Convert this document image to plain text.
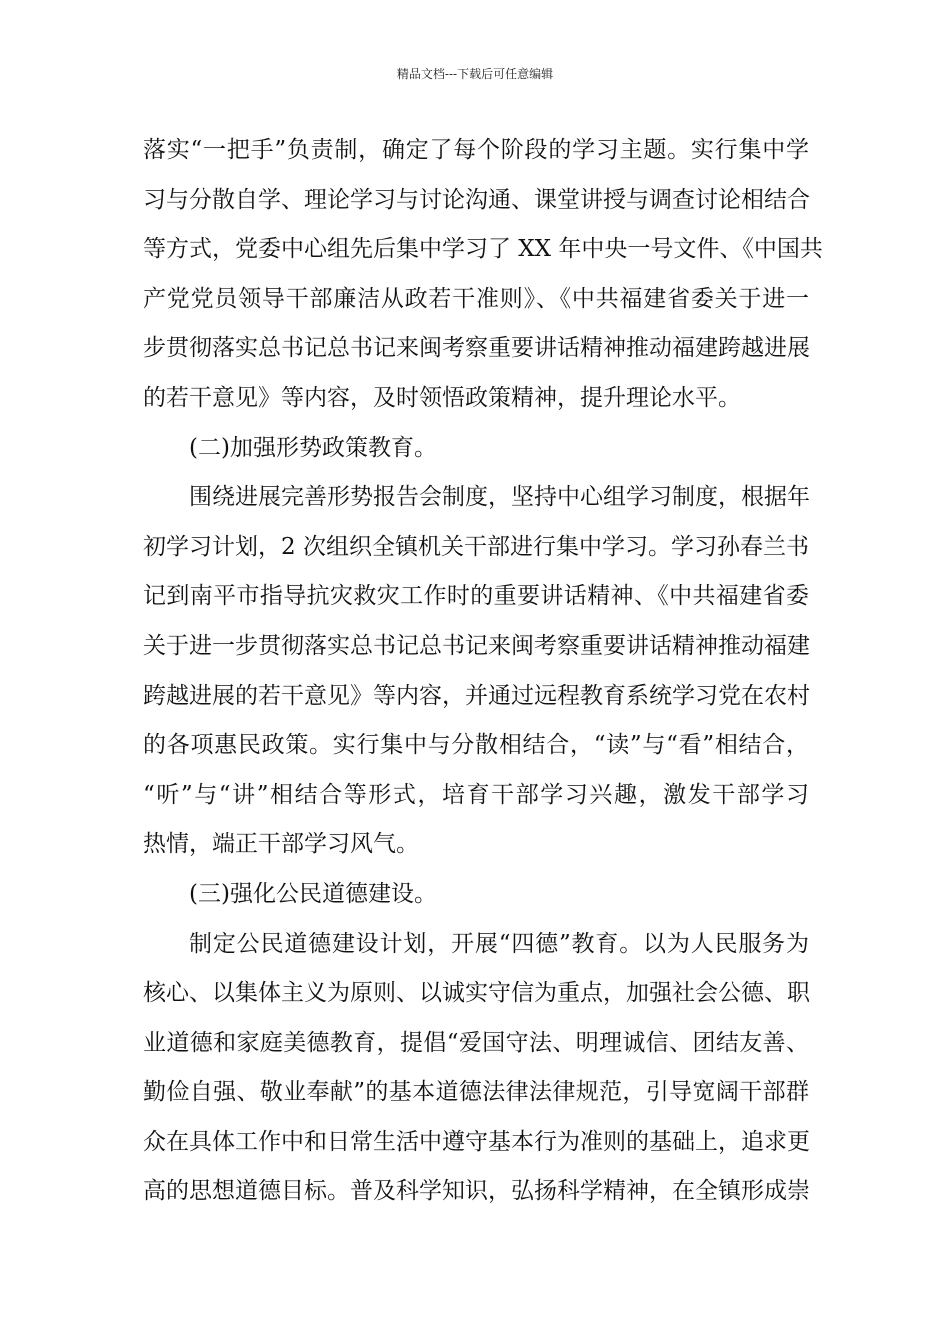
精品文档---下载后可任意编辑
落实“一把手”负责制，确定了每个阶段的学习主题。实行集中学
习与分散自学、理论学习与讨论沟通、课堂讲授与调查讨论相结合
等方式，党委中心组先后集中学习了 XX 年中央一号文件、《中国共
产党党员领导干部廉洁从政若干准则》、《中共福建省委关于进一
步贯彻落实总书记总书记来闽考察重要讲话精神推动福建跨越进展
的若干意见》等内容，及时领悟政策精神，提升理论水平。
(二)加强形势政策教育。
围绕进展完善形势报告会制度，坚持中心组学习制度，根据年
初学习计划，2 次组织全镇机关干部进行集中学习。学习孙春兰书
记到南平市指导抗灾救灾工作时的重要讲话精神、《中共福建省委
关于进一步贯彻落实总书记总书记来闽考察重要讲话精神推动福建
跨越进展的若干意见》等内容，并通过远程教育系统学习党在农村
的各项惠民政策。实行集中与分散相结合，“读”与“看”相结合，
“听”与“讲”相结合等形式，培育干部学习兴趣，激发干部学习
热情，端正干部学习风气。
(三)强化公民道德建设。
制定公民道德建设计划，开展“四德”教育。以为人民服务为
核心、以集体主义为原则、以诚实守信为重点，加强社会公德、职
业道德和家庭美德教育，提倡“爱国守法、明理诚信、团结友善、
勤俭自强、敬业奉献”的基本道德法律法律规范，引导宽阔干部群
众在具体工作中和日常生活中遵守基本行为准则的基础上，追求更
高的思想道德目标。普及科学知识，弘扬科学精神，在全镇形成崇
